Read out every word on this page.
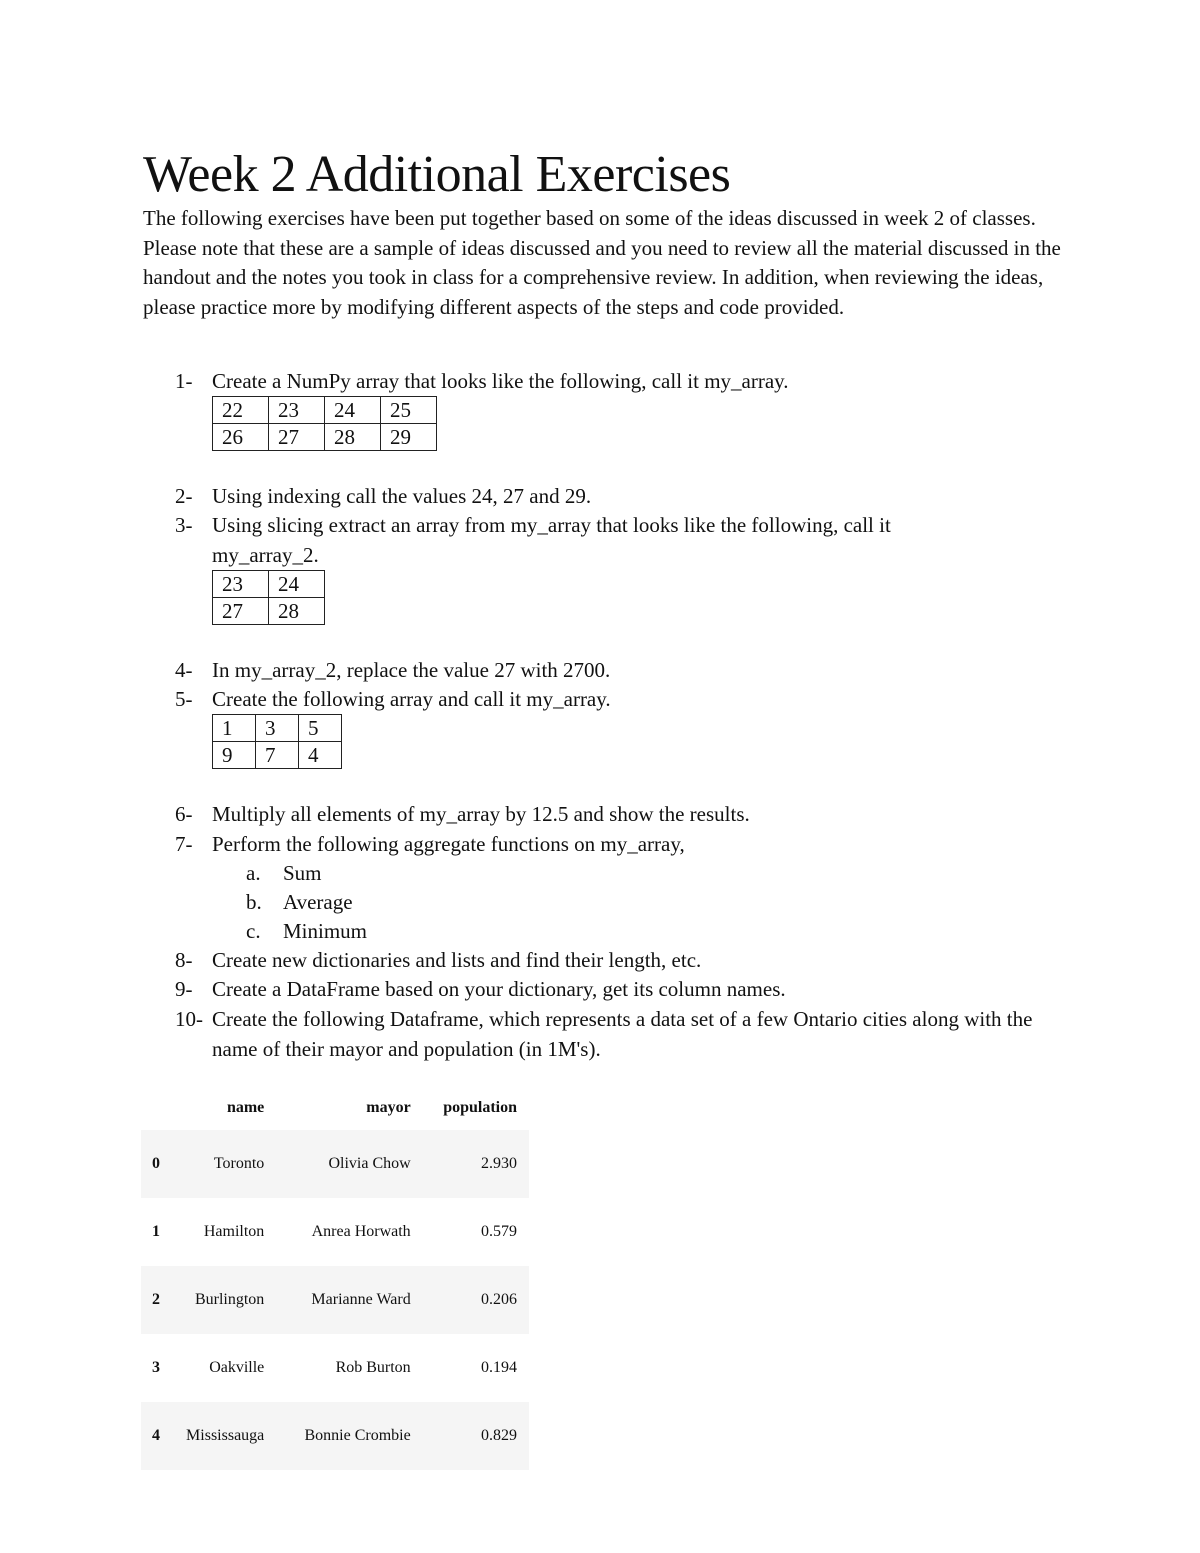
Week 2 Additional Exercises

The following exercises have been put together based on some of the ideas discussed in week 2 of classes. Please note that these are a sample of ideas discussed and you need to review all the material discussed in the handout and the notes you took in class for a comprehensive review. In addition, when reviewing the ideas, please practice more by modifying different aspects of the steps and code provided.

1- Create a NumPy array that looks like the following, call it my_array.
22	23	24	25
26	27	28	29
2- Using indexing call the values 24, 27 and 29.
3- Using slicing extract an array from my_array that looks like the following, call it my_array_2.
23	24
27	28
4- In my_array_2, replace the value 27 with 2700.
5- Create the following array and call it my_array.
1	3	5
9	7	4
6- Multiply all elements of my_array by 12.5 and show the results.
7- Perform the following aggregate functions on my_array,
a. Sum
b. Average
c. Minimum
8- Create new dictionaries and lists and find their length, etc.
9- Create a DataFrame based on your dictionary, get its column names.
10- Create the following Dataframe, which represents a data set of a few Ontario cities along with the name of their mayor and population (in 1M's).
	name	mayor	population
0	Toronto	Olivia Chow	2.930
1	Hamilton	Anrea Horwath	0.579
2	Burlington	Marianne Ward	0.206
3	Oakville	Rob Burton	0.194
4	Mississauga	Bonnie Crombie	0.829
